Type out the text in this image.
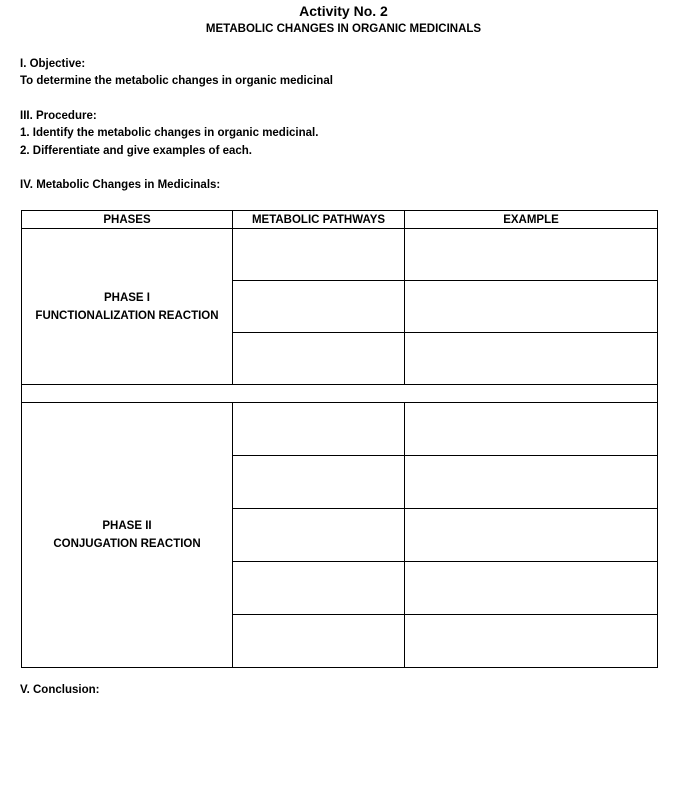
Activity No. 2
METABOLIC CHANGES IN ORGANIC MEDICINALS
I. Objective:
To determine the metabolic changes in organic medicinal
III. Procedure:
1. Identify the metabolic changes in organic medicinal.
2. Differentiate and give examples of each.
IV. Metabolic Changes in Medicinals:
PHASES	METABOLIC PATHWAYS	EXAMPLE

PHASE I
FUNCTIONALIZATION REACTION		

PHASE II
CONJUGATION REACTION		

V. Conclusion:
